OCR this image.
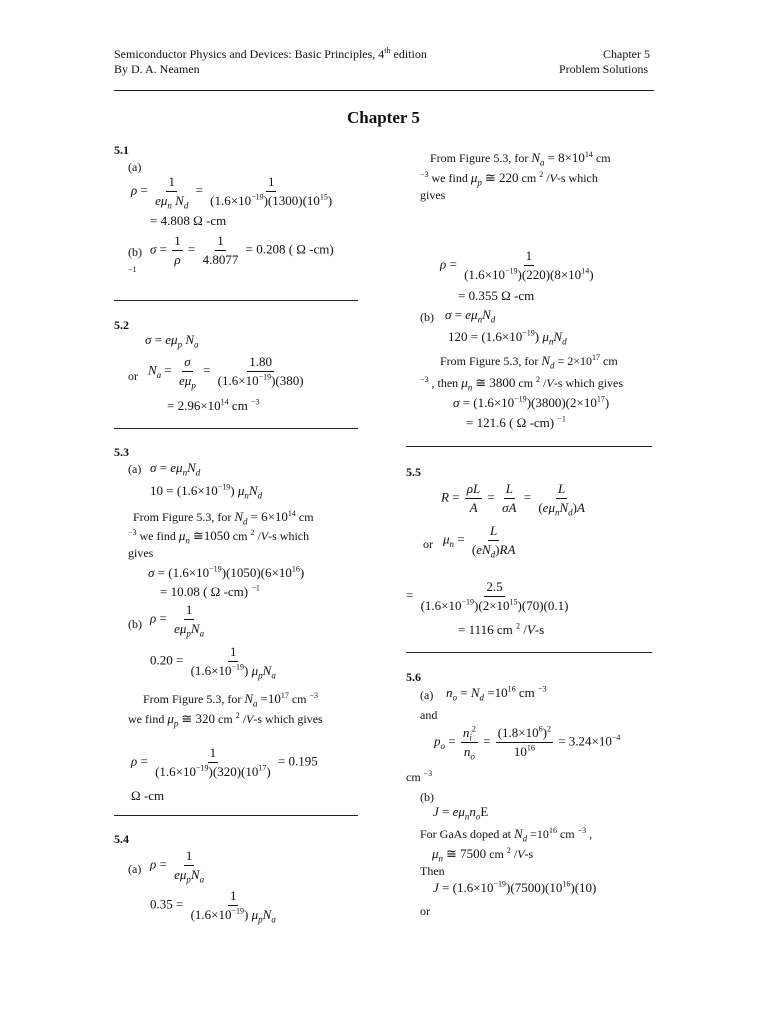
Semiconductor Physics and Devices: Basic Principles, 4th edition
By D. A. Neamen
Chapter 5
Problem Solutions
Chapter 5
5.1
(a)
$\rho = \frac{1}{e\mu_n N_d} = \frac{1}{(1.6\times 10^{-19})(1300)(10^{15})}$
= 4.808 Ω -cm
(b) $\sigma = \frac{1}{\rho} = \frac{1}{4.8077} = 0.208$ ( Ω -cm)
$^{-1}$
5.2
$\sigma = e\mu_p$ $N_a$
or $N_a = \frac{\sigma}{e\mu_p} = \frac{1.80}{(1.6\times 10^{-19})(380)}$
= $2.96\times 10^{14}$ cm $^{-3}$
5.3
(a) $\sigma = e\mu_nN_d$
$10 = (1.6\times 10^{-19})$ $\mu_nN_d$
From Figure 5.3, for $N_d = 6\times 10^{14}$ cm
$^{-3}$ we find $\mu_n$ ≅1050 cm $^2$ /V-s which
gives
$\sigma = (1.6\times 10^{-19})(1050)(6\times 10^{16})$
= 10.08 ( Ω -cm) $^{-1}$
(b) $\rho = \frac{1}{e\mu_pN_a}$
$0.20 = \frac{1}{(1.6\times 10^{-19}) \mu_pN_a}$
From Figure 5.3, for $N_a =10^{17}$ cm $^{-3}$
we find $\mu_p$ ≅ 320 cm $^2$ /V-s which gives
$\rho = \frac{1}{(1.6\times 10^{-19})(320)(10^{17})} = 0.195$
Ω -cm
5.4
(a) $\rho = \frac{1}{e\mu_pN_a}$
$0.35 = \frac{1}{(1.6\times 10^{-19}) \mu_pN_a}$
From Figure 5.3, for $N_a = 8\times 10^{14}$ cm
$^{-3}$ we find $\mu_p$ ≅ 220 cm $^2$ /V-s which
gives
$\rho = \frac{1}{(1.6\times 10^{-19})(220)(8\times 10^{14})}$
= 0.355 Ω -cm
(b) $\sigma = e\mu_nN_d$
$120 = (1.6\times 10^{-19})$ $\mu_nN_d$
From Figure 5.3, for $N_d = 2\times 10^{17}$ cm
$^{-3}$ , then $\mu_n$ ≅ 3800 cm $^2$ /V-s which gives
$\sigma = (1.6\times 10^{-19})(3800)(2\times 10^{17})$
= 121.6 ( Ω -cm) $^{-1}$
5.5
$R = \frac{\rho L}{A} = \frac{L}{\sigma A} = \frac{L}{(e\mu_nN_d)A}$
or $\mu_n = \frac{L}{(eN_d)RA}$
= $\frac{2.5}{(1.6\times 10^{-19})(2\times 10^{15})(70)(0.1)}$
= 1116 cm $^2$ /V-s
5.6
(a) $n_o = N_d =10^{16}$ cm $^{-3}$
and
$p_o = \frac{n_i^2}{n_o} = \frac{(1.8\times 10^6)^2}{10^{16}} = 3.24\times 10^{-4}$
cm $^{-3}$
(b)
$J = e\mu_nn_oE$
For GaAs doped at $N_d =10^{16}$ cm $^{-3}$ ,
$\mu_n$ ≅ 7500 cm $^2$ /V-s
Then
$J = (1.6\times 10^{-19})(7500)(10^{16})(10)$
or
